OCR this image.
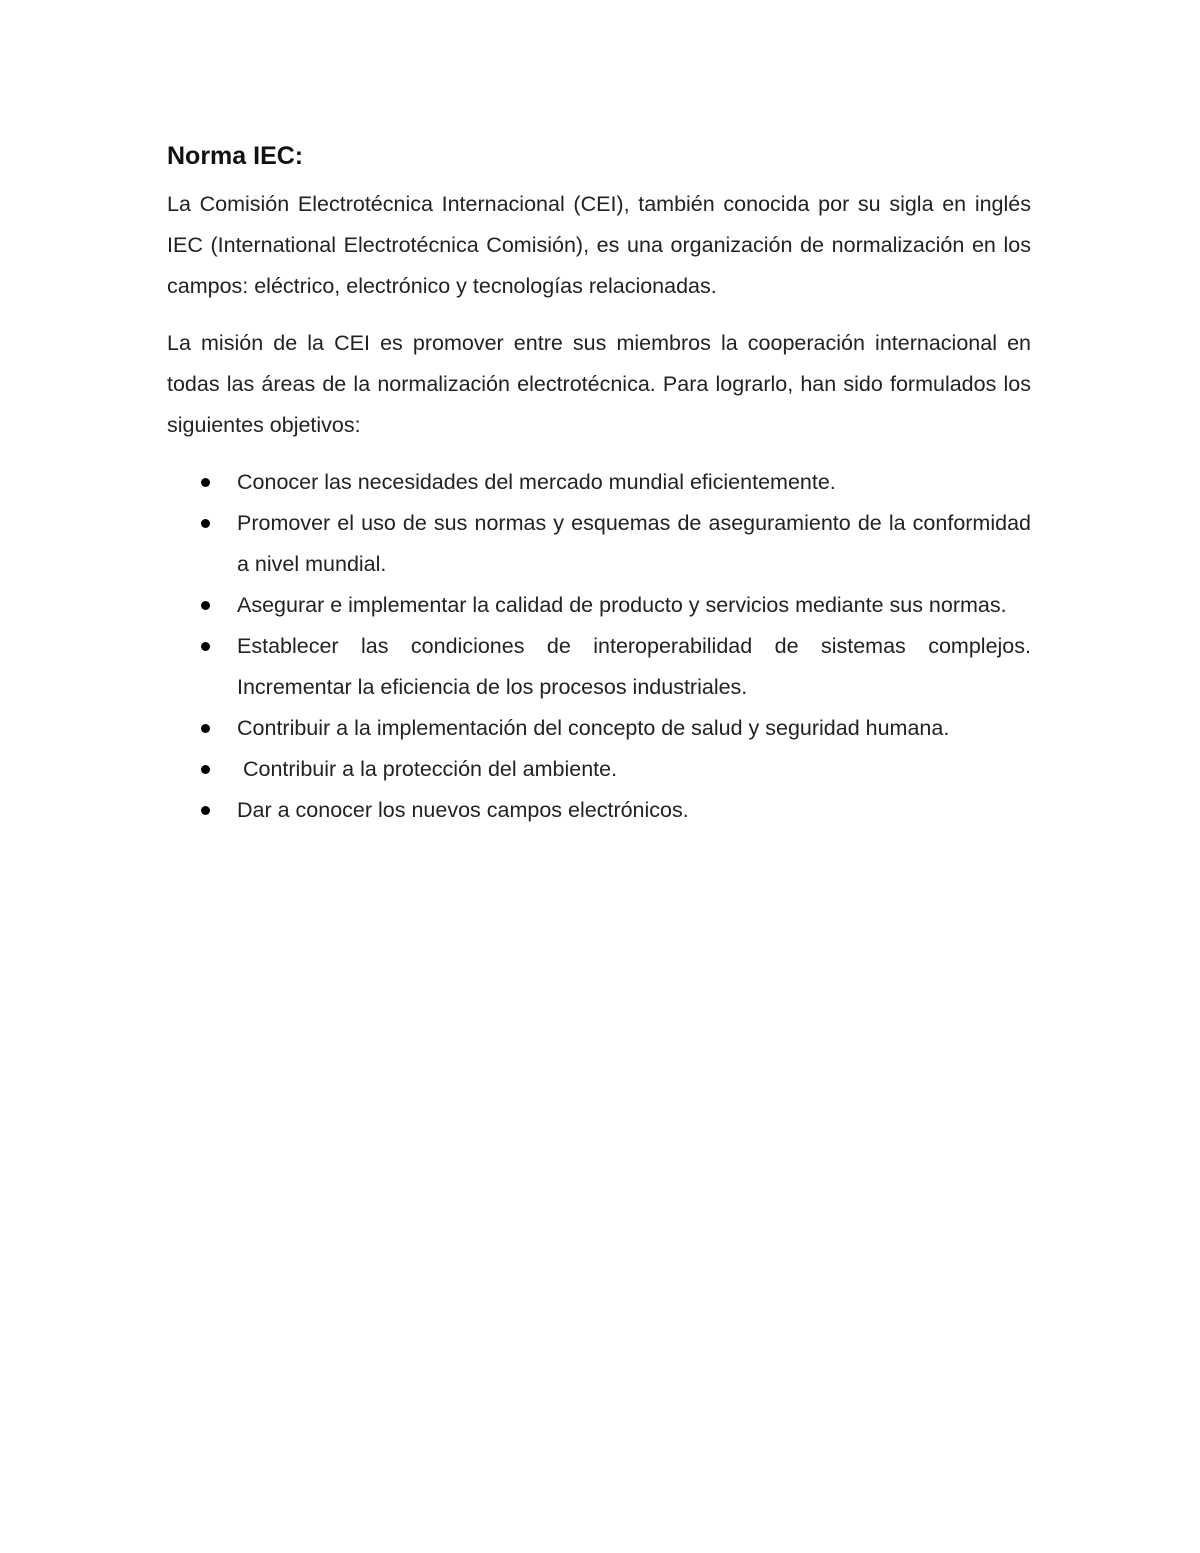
Norma IEC:

La Comisión Electrotécnica Internacional (CEI), también conocida por su sigla en inglés IEC (International Electrotécnica Comisión), es una organización de normalización en los campos: eléctrico, electrónico y tecnologías relacionadas.

La misión de la CEI es promover entre sus miembros la cooperación internacional en todas las áreas de la normalización electrotécnica. Para lograrlo, han sido formulados los siguientes objetivos:

Conocer las necesidades del mercado mundial eficientemente.
Promover el uso de sus normas y esquemas de aseguramiento de la conformidad a nivel mundial.
Asegurar e implementar la calidad de producto y servicios mediante sus normas.
Establecer las condiciones de interoperabilidad de sistemas complejos. Incrementar la eficiencia de los procesos industriales.
Contribuir a la implementación del concepto de salud y seguridad humana.
Contribuir a la protección del ambiente.
Dar a conocer los nuevos campos electrónicos.
